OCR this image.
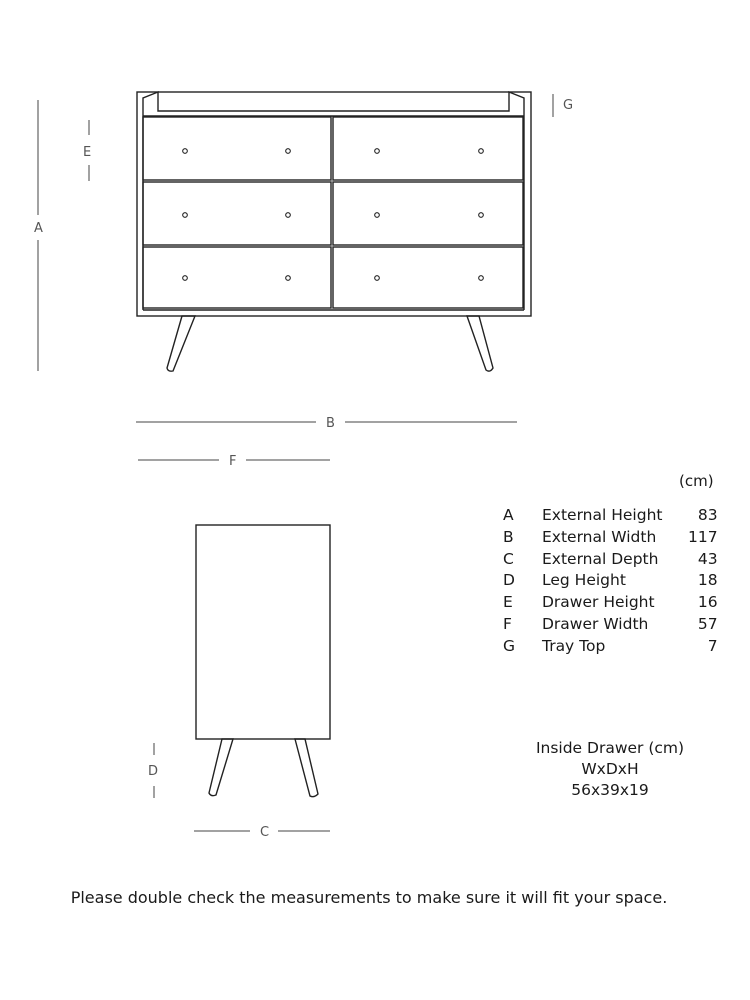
A
E
G
B
F
D
C
(cm)
A	External Height	83
B	External Width	117
C	External Depth	43
D	Leg Height	18
E	Drawer Height	16
F	Drawer Width	57
G	Tray Top	7
Inside Drawer (cm)
WxDxH
56x39x19
Please double check the measurements to make sure it will fit your space.
